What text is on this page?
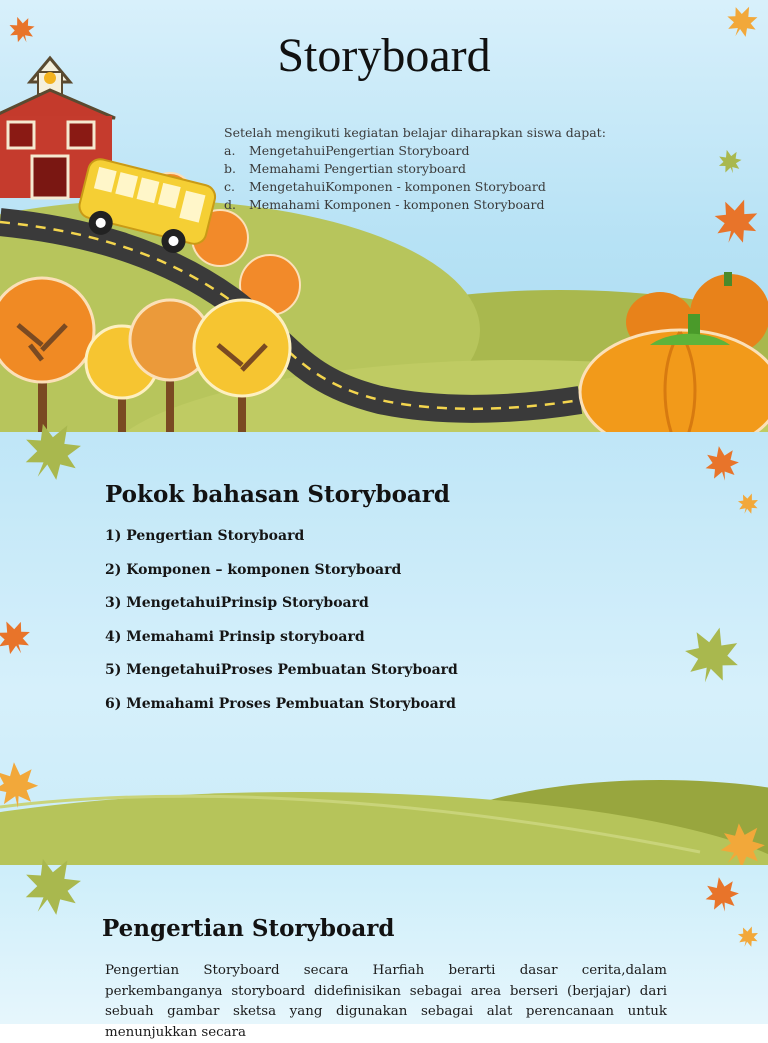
Storyboard
Setelah mengikuti kegiatan belajar diharapkan siswa dapat:
a.	MengetahuiPengertian Storyboard
b.	Memahami Pengertian storyboard
c.	MengetahuiKomponen - komponen Storyboard
d.	Memahami Komponen - komponen Storyboard
Pokok bahasan Storyboard
1) Pengertian Storyboard
2) Komponen – komponen Storyboard
3) MengetahuiPrinsip Storyboard
4) Memahami Prinsip storyboard
5) MengetahuiProses Pembuatan Storyboard
6) Memahami Proses Pembuatan Storyboard
Pengertian Storyboard

Pengertian Storyboard secara Harfiah berarti dasar cerita,dalam perkembanganya storyboard didefinisikan sebagai area berseri (berjajar) dari sebuah gambar sketsa yang digunakan sebagai alat perencanaan untuk menunjukkan secara
